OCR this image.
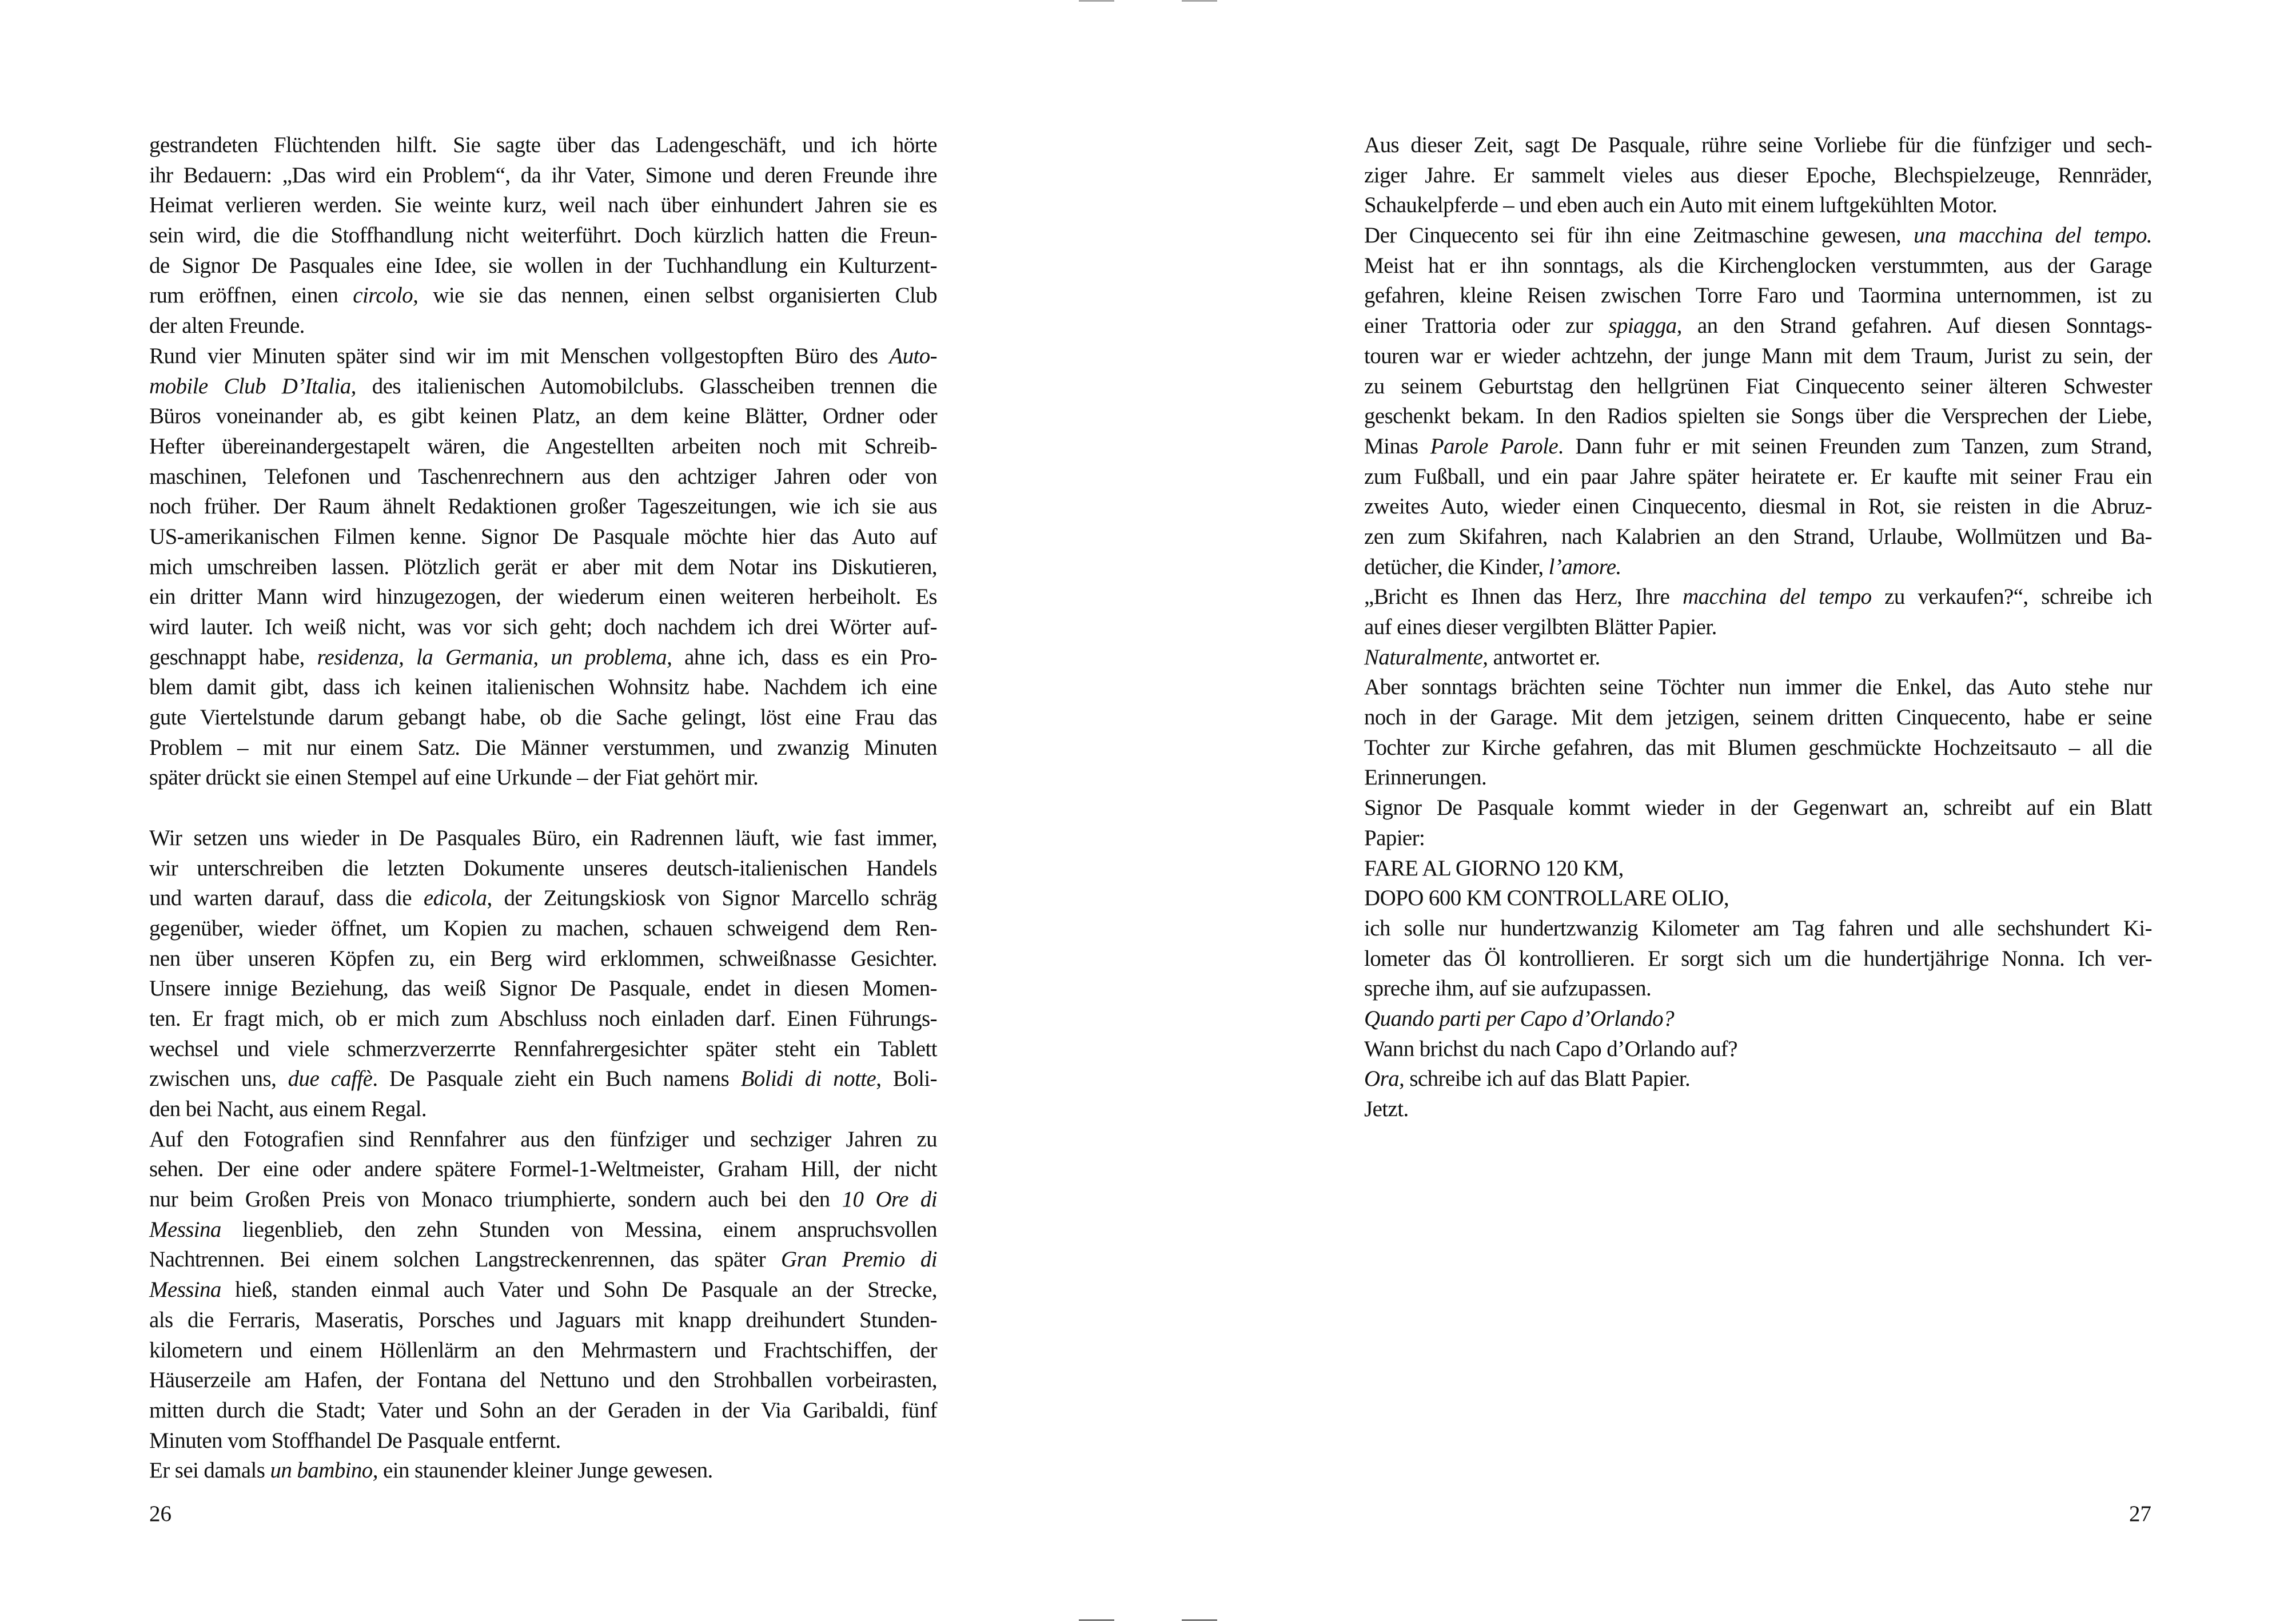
gestrandeten Flüchtenden hilft. Sie sagte über das Ladengeschäft, und ich hörte
ihr Bedauern: „Das wird ein Problem“, da ihr Vater, Simone und deren Freunde ihre
Heimat verlieren werden. Sie weinte kurz, weil nach über einhundert Jahren sie es
sein wird, die die Stoffhandlung nicht weiterführt. Doch kürzlich hatten die Freun-
de Signor De Pasquales eine Idee, sie wollen in der Tuchhandlung ein Kulturzent-
rum eröffnen, einen circolo, wie sie das nennen, einen selbst organisierten Club
der alten Freunde.
Rund vier Minuten später sind wir im mit Menschen vollgestopften Büro des Auto-
mobile Club D’Italia, des italienischen Automobilclubs. Glasscheiben trennen die
Büros voneinander ab, es gibt keinen Platz, an dem keine Blätter, Ordner oder
Hefter übereinandergestapelt wären, die Angestellten arbeiten noch mit Schreib-
maschinen, Telefonen und Taschenrechnern aus den achtziger Jahren oder von
noch früher. Der Raum ähnelt Redaktionen großer Tageszeitungen, wie ich sie aus
US-amerikanischen Filmen kenne. Signor De Pasquale möchte hier das Auto auf
mich umschreiben lassen. Plötzlich gerät er aber mit dem Notar ins Diskutieren,
ein dritter Mann wird hinzugezogen, der wiederum einen weiteren herbeiholt. Es
wird lauter. Ich weiß nicht, was vor sich geht; doch nachdem ich drei Wörter auf-
geschnappt habe, residenza, la Germania, un problema, ahne ich, dass es ein Pro-
blem damit gibt, dass ich keinen italienischen Wohnsitz habe. Nachdem ich eine
gute Viertelstunde darum gebangt habe, ob die Sache gelingt, löst eine Frau das
Problem – mit nur einem Satz. Die Männer verstummen, und zwanzig Minuten
später drückt sie einen Stempel auf eine Urkunde – der Fiat gehört mir.
Wir setzen uns wieder in De Pasquales Büro, ein Radrennen läuft, wie fast immer,
wir unterschreiben die letzten Dokumente unseres deutsch-italienischen Handels
und warten darauf, dass die edicola, der Zeitungskiosk von Signor Marcello schräg
gegenüber, wieder öffnet, um Kopien zu machen, schauen schweigend dem Ren-
nen über unseren Köpfen zu, ein Berg wird erklommen, schweißnasse Gesichter.
Unsere innige Beziehung, das weiß Signor De Pasquale, endet in diesen Momen-
ten. Er fragt mich, ob er mich zum Abschluss noch einladen darf. Einen Führungs-
wechsel und viele schmerzverzerrte Rennfahrergesichter später steht ein Tablett
zwischen uns, due caffè. De Pasquale zieht ein Buch namens Bolidi di notte, Boli-
den bei Nacht, aus einem Regal.
Auf den Fotografien sind Rennfahrer aus den fünfziger und sechziger Jahren zu
sehen. Der eine oder andere spätere Formel-1-Weltmeister, Graham Hill, der nicht
nur beim Großen Preis von Monaco triumphierte, sondern auch bei den 10 Ore di
Messina liegenblieb, den zehn Stunden von Messina, einem anspruchsvollen
Nachtrennen. Bei einem solchen Langstreckenrennen, das später Gran Premio di
Messina hieß, standen einmal auch Vater und Sohn De Pasquale an der Strecke,
als die Ferraris, Maseratis, Porsches und Jaguars mit knapp dreihundert Stunden-
kilometern und einem Höllenlärm an den Mehrmastern und Frachtschiffen, der
Häuserzeile am Hafen, der Fontana del Nettuno und den Strohballen vorbeirasten,
mitten durch die Stadt; Vater und Sohn an der Geraden in der Via Garibaldi, fünf
Minuten vom Stoffhandel De Pasquale entfernt.
Er sei damals un bambino, ein staunender kleiner Junge gewesen.
26
Aus dieser Zeit, sagt De Pasquale, rühre seine Vorliebe für die fünfziger und sech-
ziger Jahre. Er sammelt vieles aus dieser Epoche, Blechspielzeuge, Rennräder,
Schaukelpferde – und eben auch ein Auto mit einem luftgekühlten Motor.
Der Cinquecento sei für ihn eine Zeitmaschine gewesen, una macchina del tempo.
Meist hat er ihn sonntags, als die Kirchenglocken verstummten, aus der Garage
gefahren, kleine Reisen zwischen Torre Faro und Taormina unternommen, ist zu
einer Trattoria oder zur spiagga, an den Strand gefahren. Auf diesen Sonntags-
touren war er wieder achtzehn, der junge Mann mit dem Traum, Jurist zu sein, der
zu seinem Geburtstag den hellgrünen Fiat Cinquecento seiner älteren Schwester
geschenkt bekam. In den Radios spielten sie Songs über die Versprechen der Liebe,
Minas Parole Parole. Dann fuhr er mit seinen Freunden zum Tanzen, zum Strand,
zum Fußball, und ein paar Jahre später heiratete er. Er kaufte mit seiner Frau ein
zweites Auto, wieder einen Cinquecento, diesmal in Rot, sie reisten in die Abruz-
zen zum Skifahren, nach Kalabrien an den Strand, Urlaube, Wollmützen und Ba-
detücher, die Kinder, l’amore.
„Bricht es Ihnen das Herz, Ihre macchina del tempo zu verkaufen?“, schreibe ich
auf eines dieser vergilbten Blätter Papier.
Naturalmente, antwortet er.
Aber sonntags brächten seine Töchter nun immer die Enkel, das Auto stehe nur
noch in der Garage. Mit dem jetzigen, seinem dritten Cinquecento, habe er seine
Tochter zur Kirche gefahren, das mit Blumen geschmückte Hochzeitsauto – all die
Erinnerungen.
Signor De Pasquale kommt wieder in der Gegenwart an, schreibt auf ein Blatt
Papier:
FARE AL GIORNO 120 KM,
DOPO 600 KM CONTROLLARE OLIO,
ich solle nur hundertzwanzig Kilometer am Tag fahren und alle sechshundert Ki-
lometer das Öl kontrollieren. Er sorgt sich um die hundertjährige Nonna. Ich ver-
spreche ihm, auf sie aufzupassen.
Quando parti per Capo d’Orlando?
Wann brichst du nach Capo d’Orlando auf?
Ora, schreibe ich auf das Blatt Papier.
Jetzt.
27
